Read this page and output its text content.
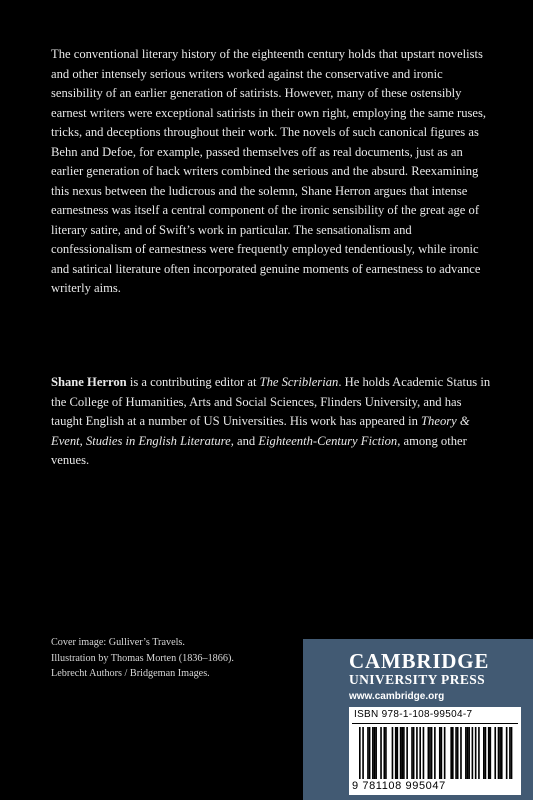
The conventional literary history of the eighteenth century holds that upstart novelists and other intensely serious writers worked against the conservative and ironic sensibility of an earlier generation of satirists. However, many of these ostensibly earnest writers were exceptional satirists in their own right, employing the same ruses, tricks, and deceptions throughout their work. The novels of such canonical figures as Behn and Defoe, for example, passed themselves off as real documents, just as an earlier generation of hack writers combined the serious and the absurd. Reexamining this nexus between the ludicrous and the solemn, Shane Herron argues that intense earnestness was itself a central component of the ironic sensibility of the great age of literary satire, and of Swift’s work in particular. The sensationalism and confessionalism of earnestness were frequently employed tendentiously, while ironic and satirical literature often incorporated genuine moments of earnestness to advance writerly aims.

Shane Herron is a contributing editor at The Scriblerian. He holds Academic Status in the College of Humanities, Arts and Social Sciences, Flinders University, and has taught English at a number of US Universities. His work has appeared in Theory & Event, Studies in English Literature, and Eighteenth-Century Fiction, among other venues.

Cover image: Gulliver’s Travels.
Illustration by Thomas Morten (1836–1866).
Lebrecht Authors / Bridgeman Images.
CAMBRIDGE
UNIVERSITY PRESS
www.cambridge.org
ISBN 978-1-108-99504-7
9 781108 995047
